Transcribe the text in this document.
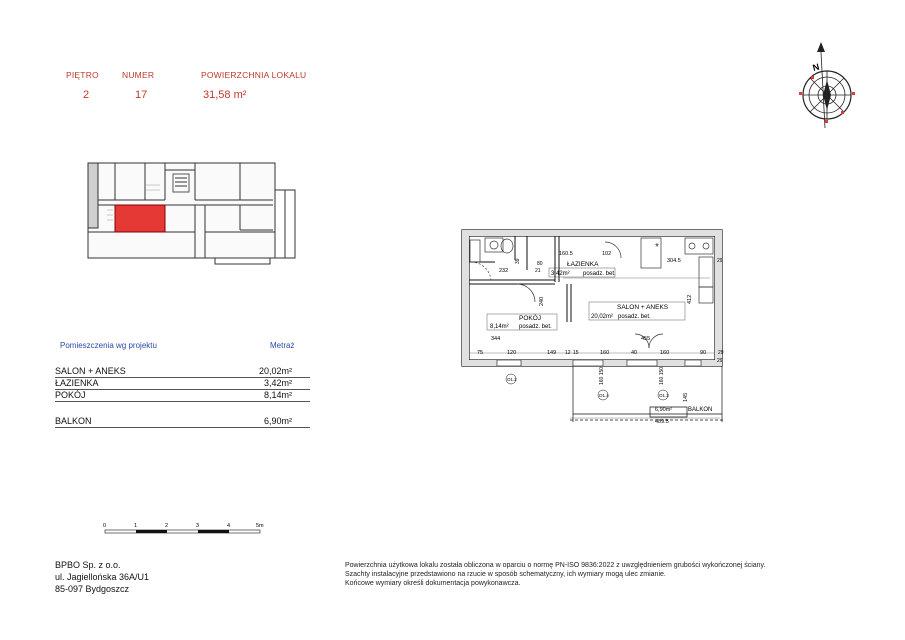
PIĘTRO	NUMER	POWIERZCHNIA LOKALU
2	17	31,58 m²
Pomieszczenia wg projektu	Metraż
SALON + ANEKS	20,02m²
ŁAZIENKA	3,42m²
POKÓJ	8,14m²
BALKON	6,90m²
N
*
ŁAZIENKA
3,42m² posadz. bet.
SALON + ANEKS
20,02m² posadz. bet.
POKÓJ
8,14m² posadz. bet.
6,90m²	BALKON
160.5	102
304.5
75	120	149 12 15	160	40	160	90 29
232
344	455
489.5
240	412
145
80
21
39	29
29
O1.2
O1.4	O1.3
160 150	160 150
0	1	2	3	4	5m
BPBO Sp. z o.o.
ul. Jagiellońska 36A/U1
85-097 Bydgoszcz
Powierzchnia użytkowa lokalu została obliczona w oparciu o normę PN-ISO 9836:2022 z uwzględnieniem grubości wykończonej ściany.
Szachty instalacyjne przedstawiono na rzucie w sposób schematyczny, ich wymiary mogą ulec zmianie.
Końcowe wymiary określi dokumentacja powykonawcza.
